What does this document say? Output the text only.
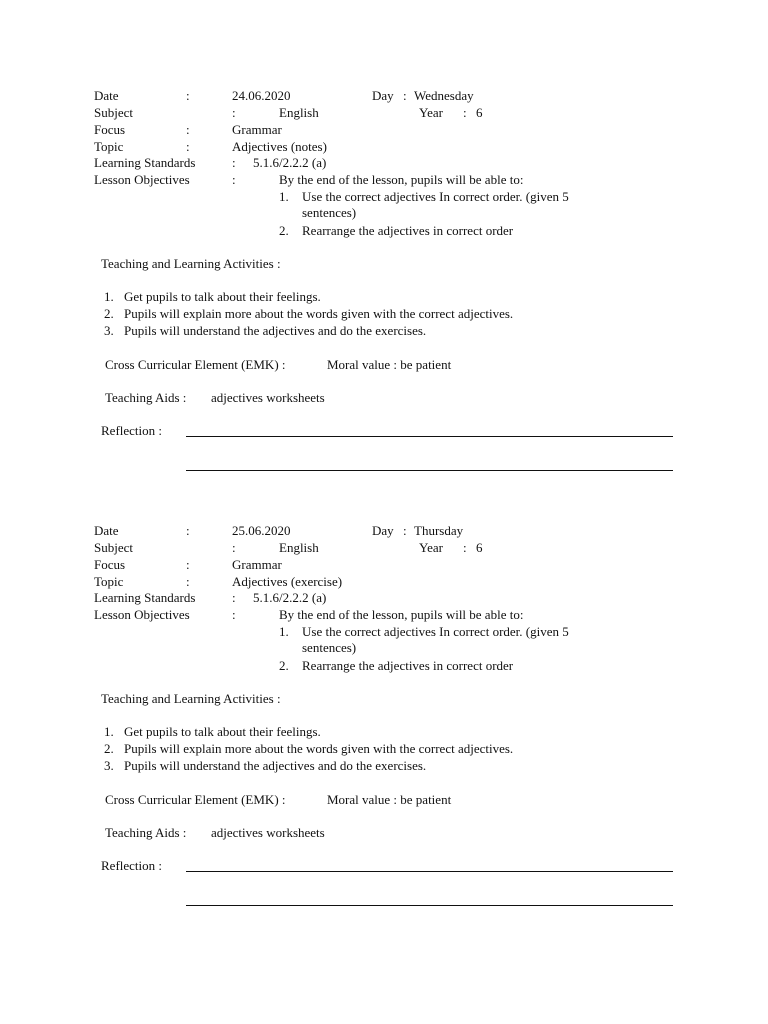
Date	:	24.06.2020	Day : Wednesday
Subject	:	English	Year : 6
Focus	:	Grammar
Topic	:	Adjectives (notes)
Learning Standards	: 5.1.6/2.2.2 (a)
Lesson Objectives	:	By the end of the lesson, pupils will be able to:
1. Use the correct adjectives In correct order. (given 5
sentences)
2. Rearrange the adjectives in correct order
Teaching and Learning Activities :
1. Get pupils to talk about their feelings.
2. Pupils will explain more about the words given with the correct adjectives.
3. Pupils will understand the adjectives and do the exercises.
Cross Curricular Element (EMK) :	Moral value : be patient
Teaching Aids : adjectives worksheets
Reflection :
Date	:	25.06.2020	Day : Thursday
Subject	:	English	Year : 6
Focus	:	Grammar
Topic	:	Adjectives (exercise)
Learning Standards	: 5.1.6/2.2.2 (a)
Lesson Objectives	:	By the end of the lesson, pupils will be able to:
1. Use the correct adjectives In correct order. (given 5
sentences)
2. Rearrange the adjectives in correct order
Teaching and Learning Activities :
1. Get pupils to talk about their feelings.
2. Pupils will explain more about the words given with the correct adjectives.
3. Pupils will understand the adjectives and do the exercises.
Cross Curricular Element (EMK) :	Moral value : be patient
Teaching Aids : adjectives worksheets
Reflection :
